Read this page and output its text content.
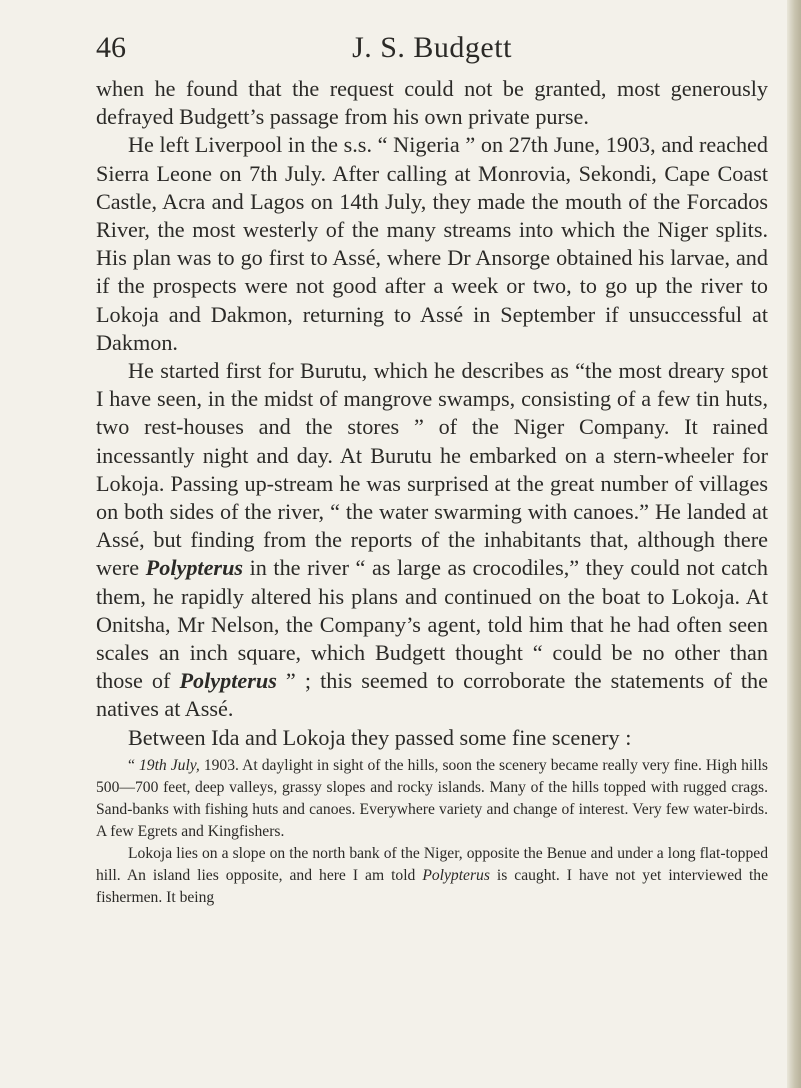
46	J. S. Budgett

when he found that the request could not be granted, most generously defrayed Budgett’s passage from his own private purse.

He left Liverpool in the s.s. “ Nigeria ” on 27th June, 1903, and reached Sierra Leone on 7th July. After calling at Monrovia, Sekondi, Cape Coast Castle, Acra and Lagos on 14th July, they made the mouth of the Forcados River, the most westerly of the many streams into which the Niger splits. His plan was to go first to Assé, where Dr Ansorge obtained his larvae, and if the prospects were not good after a week or two, to go up the river to Lokoja and Dakmon, returning to Assé in September if unsuccessful at Dakmon.

He started first for Burutu, which he describes as “the most dreary spot I have seen, in the midst of mangrove swamps, consisting of a few tin huts, two rest-houses and the stores ” of the Niger Company. It rained incessantly night and day. At Burutu he embarked on a stern-wheeler for Lokoja. Passing up-stream he was surprised at the great number of villages on both sides of the river, “ the water swarming with canoes.” He landed at Assé, but finding from the reports of the inhabitants that, although there were Polypterus in the river “ as large as crocodiles,” they could not catch them, he rapidly altered his plans and continued on the boat to Lokoja. At Onitsha, Mr Nelson, the Company’s agent, told him that he had often seen scales an inch square, which Budgett thought “ could be no other than those of Polypterus ” ; this seemed to corroborate the statements of the natives at Assé.

Between Ida and Lokoja they passed some fine scenery :

“ 19th July, 1903. At daylight in sight of the hills, soon the scenery became really very fine. High hills 500—700 feet, deep valleys, grassy slopes and rocky islands. Many of the hills topped with rugged crags. Sand-banks with fishing huts and canoes. Everywhere variety and change of interest. Very few water-birds. A few Egrets and Kingfishers.

Lokoja lies on a slope on the north bank of the Niger, opposite the Benue and under a long flat-topped hill. An island lies opposite, and here I am told Polypterus is caught. I have not yet interviewed the fishermen. It being
